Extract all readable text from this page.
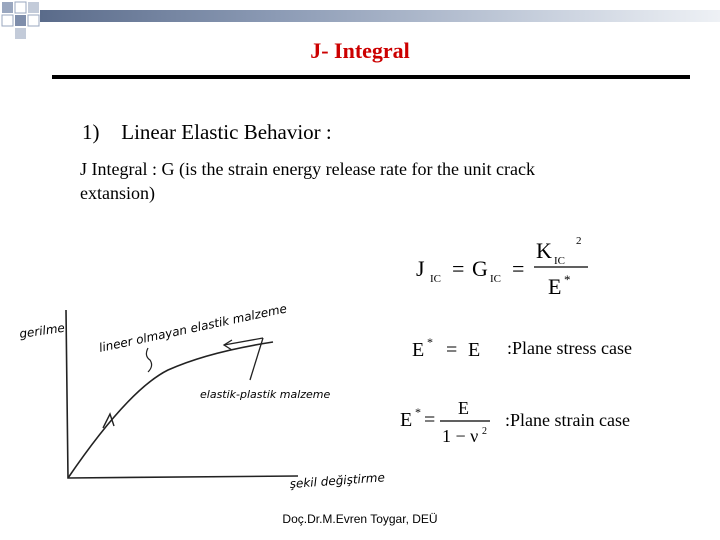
J- Integral
1) Linear Elastic Behavior :
J Integral : G (is the strain energy release rate for the unit crack
extansion)
gerilme	lineer olmayan elastik malzeme
elastik-plastik malzeme
şekil değiştirme
J IC = G IC =
K IC
2
E *
E * = E :Plane stress case
E * =
E
1 − ν 2
:Plane strain case
Doç.Dr.M.Evren Toygar, DEÜ
